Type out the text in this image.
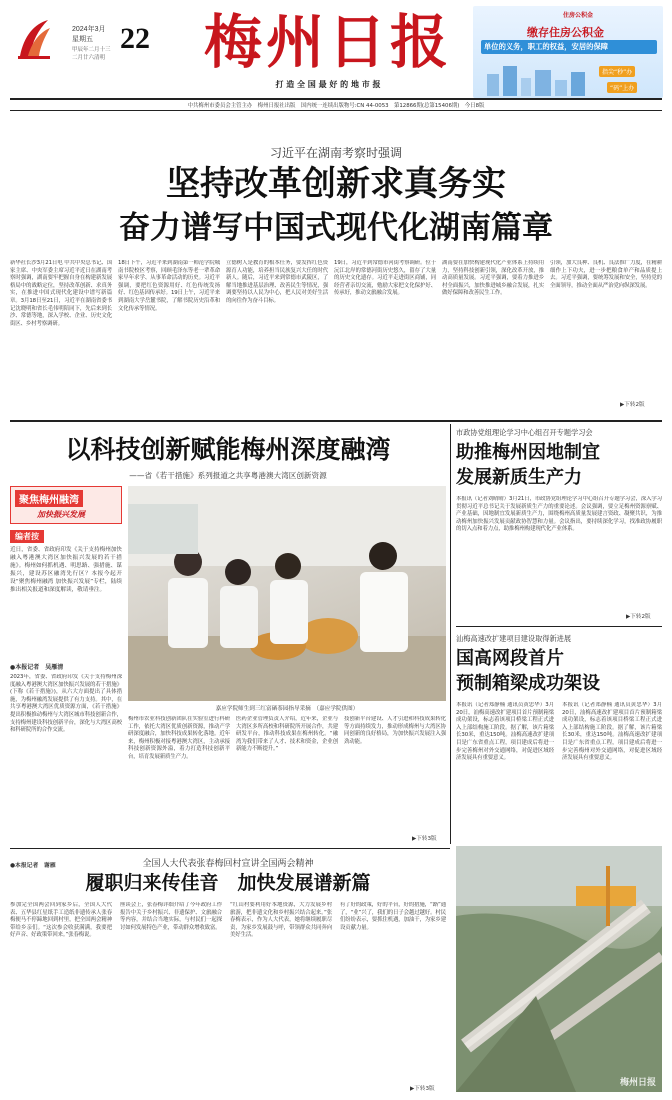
2024年3月
星期五
甲辰年二月十三
二月廿六清明
22 梅州日报
打 造 全 国 最 好 的 地 市 报
住房公积金
缴存住房公积金
单位的义务，职工的权益，安居的保障
指尖“秒”办
“码”上办
中共梅州市委员会主管主办　梅州日报社出版　国内统一连续出版物号:CN 44-0053　第12866期(总第15406期)　今日8版
习近平在湖南考察时强调
坚持改革创新求真务实
奋力谱写中国式现代化湖南篇章
新华社长沙3月21日电 中共中央总书记、国家主席、中央军委主席习近平近日在湖南考察时强调，湖南要牢把握自身在构建新发展格局中的战略定位，坚持改革创新、求真务实，在推进中国式现代化建设中谱写新篇章。3月18日至21日，习近平在湖南省委书记沈晓明和省长毛伟明陪同下，先后来到长沙、常德等地，深入学校、企业、历史文化街区、乡村考察调研。
18日下午，习近平来到湖南第一师范学院城南书院校区考察，回顾毛泽东等老一辈革命家早年求学、从事革命活动的历史。习近平强调，要把红色资源用好、红色传统发扬好、红色基因传承好。19日上午，习近平来到湖南大学岳麓书院，了解书院历史沿革和文化传承等情况。
立德树人是教育的根本任务，要发挥红色资源育人功能，培养担当民族复兴大任的时代新人。随后，习近平来到常德市武陵区，了解当地推进基层治理、改善民生等情况，强调要坚持以人民为中心，把人民对美好生活的向往作为奋斗目标。
19日，习近平到常德市河街考察调研。位于沅江北岸的常德河街历史悠久，留存了大量的历史文化遗存。习近平走进街区商铺，同经营者亲切交流，勉励大家把文化保护好、传承好，推动文旅融合发展。
湖南要在加快构建现代化产业体系上持续用力，坚持科技创新引领，深化改革开放，推动高质量发展。习近平强调，要着力推进乡村全面振兴，加快推进城乡融合发展，扎实做好保障和改善民生工作。
引领，加大良种、良机、良法推广力度，在精耕细作上下功夫，进一步把粮食单产和品质提上去。习近平强调，要统筹发展和安全，坚持党的全面领导，推动全面从严治党向纵深发展。
▶下转2版
以科技创新赋能梅州深度融湾
——省《若干措施》系列报道之共享粤港澳大湾区创新资源
聚焦梅州融湾
加快振兴发展
编者按
近日，省委、省政府印发《关于支持梅州加快融入粤港澳大湾区加快振兴发展的若干措施》。梅州如何抓机遇、明思路、强措施、谋振兴，建设苏区融湾先行区？本报今起开设“聚焦梅州融湾 加快振兴发展”专栏，陆续推出相关报道和深度解读，敬请垂注。
嘉应学院师生到三红富硒茶园指导采摘　（嘉应学院供图）
●本报记者　吴雁清
2023年，省委、省政府印发《关于支持梅州深度融入粤港澳大湾区加快振兴发展的若干措施》(下称《若干措施》)，从六大方面提出了具体措施，为梅州融湾发展提供了有力支持。其中，在共享粤港澳大湾区优质资源方面，《若干措施》提出积极推动梅州与大湾区城市科技创新合作，支持梅州建设科技创新平台，深化与大湾区高校和科研院所的合作交流。
梅州市农业科技创新团队在实验室进行科研工作，依托大湾区优质创新资源，推动产学研深度融合，加快科技成果转化落地。近年来，梅州积极对接粤港澳大湾区，主动承接科技创新资源外溢，着力打造科技创新平台，培育发展新质生产力。
医药企业管理负责人介绍，近年来，企业与大湾区多所高校和科研院所开展合作，共建研发平台，推动科技成果在梅州转化。“融湾为我们带来了人才、技术和资金，企业创新能力不断提升。”
技创新平台建设、人才引进和科技成果转化等方面持续发力，推动形成梅州与大湾区协同创新的良好格局，为加快振兴发展注入强劲动能。
▶下转3版
市政协党组理论学习中心组召开专题学习会
助推梅州因地制宜
发展新质生产力
本报讯（记者刘晴晴）3月21日，市政协党组理论学习中心组召开专题学习会，深入学习贯彻习近平总书记关于发展新质生产力的重要论述。会议强调，要立足梅州资源禀赋、产业基础，因地制宜发展新质生产力，围绕梅州高质量发展建言资政、凝聚共识，为推动梅州加快振兴发展贡献政协智慧和力量。会议指出，要持续深化学习，找准政协履职的切入点和着力点，助推梅州构建现代化产业体系。
▶下转2版
汕梅高速改扩建项目建设取得新进展
国高网段首片
预制箱梁成功架设
本报讯（记者郑静楠 通讯员黄忠华）3月20日，汕梅高速改扩建项目首片预制箱梁成功架设，标志着该项目桥梁工程正式进入上部结构施工阶段。据了解，该片箱梁长30米，重达150吨。汕梅高速改扩建项目是广东省重点工程，项目建成后将进一步完善梅州对外交通网络，对促进区域经济发展具有重要意义。
本报讯（记者郑静楠 通讯员黄忠华）3月20日，汕梅高速改扩建项目首片预制箱梁成功架设，标志着该项目桥梁工程正式进入上部结构施工阶段。据了解，该片箱梁长30米，重达150吨。汕梅高速改扩建项目是广东省重点工程，项目建成后将进一步完善梅州对外交通网络，对促进区域经济发展具有重要意义。
梅州日报
全国人大代表张春梅回村宣讲全国两会精神
履职归来传佳音　加快发展谱新篇
●本报记者　谢雁
参加完全国两会回到家乡后，全国人大代表、五华县红星纸手工造纸非遗传承人张春梅便马不停蹄地回到村里，把全国两会精神带给乡亲们。“这次参会收获满满，我要把好声音、好政策带回来。”张春梅说。
座谈会上，张春梅详细介绍了今年政府工作报告中关于乡村振兴、非遗保护、文旅融合等内容，并结合当地实际，与村民们一起探讨如何发展特色产业，带动群众增收致富。
“红山村要利用好本地资源，大力发展乡村旅游，把非遗文化和乡村振兴结合起来。”张春梅表示，作为人大代表，她将继续履职尽责，为家乡发展鼓与呼，带领群众共同奔向美好生活。
有了好的政策，好的平台，好的措施，“路”通了，“业”兴了，我们的日子会越过越好。村民们纷纷表示，要抓住机遇，加油干，为家乡建设贡献力量。
▶下转3版
